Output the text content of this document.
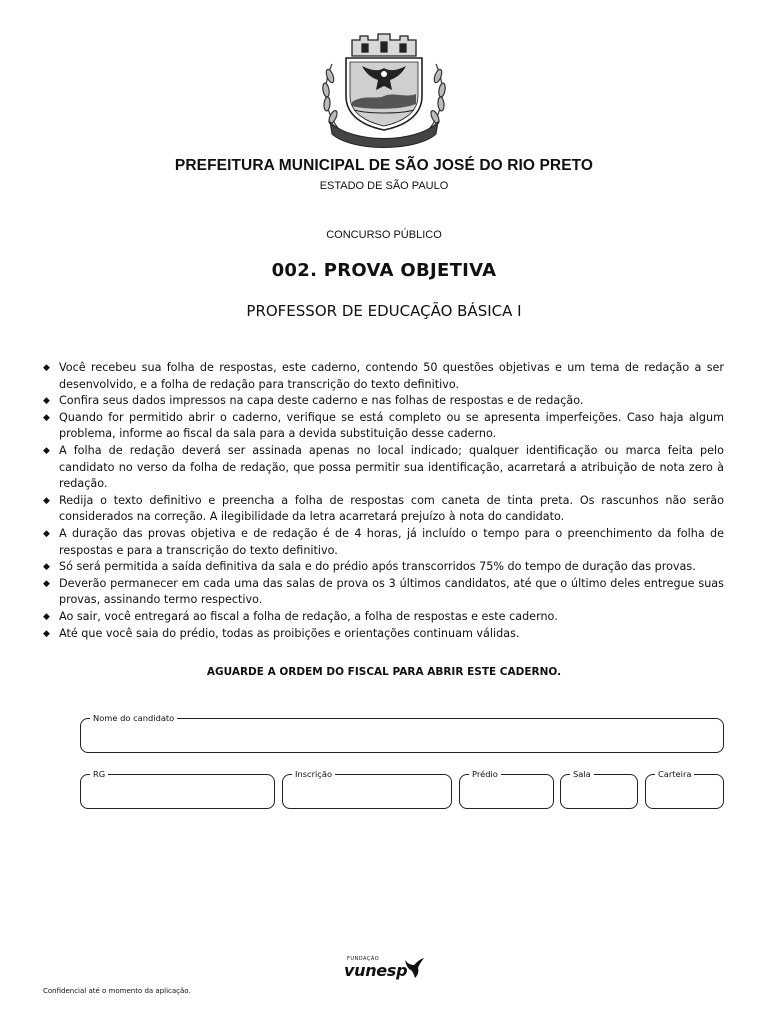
PREFEITURA MUNICIPAL DE SÃO JOSÉ DO RIO PRETO
ESTADO DE SÃO PAULO
CONCURSO PÚBLICO
002. PROVA OBJETIVA
PROFESSOR DE EDUCAÇÃO BÁSICA I
◆ Você recebeu sua folha de respostas, este caderno, contendo 50 questões objetivas e um tema de redação a ser desenvolvido, e a folha de redação para transcrição do texto definitivo.
◆ Confira seus dados impressos na capa deste caderno e nas folhas de respostas e de redação.
◆ Quando for permitido abrir o caderno, verifique se está completo ou se apresenta imperfeições. Caso haja algum problema, informe ao fiscal da sala para a devida substituição desse caderno.
◆ A folha de redação deverá ser assinada apenas no local indicado; qualquer identificação ou marca feita pelo candidato no verso da folha de redação, que possa permitir sua identificação, acarretará a atribuição de nota zero à redação.
◆ Redija o texto definitivo e preencha a folha de respostas com caneta de tinta preta. Os rascunhos não serão considerados na correção. A ilegibilidade da letra acarretará prejuízo à nota do candidato.
◆ A duração das provas objetiva e de redação é de 4 horas, já incluído o tempo para o preenchimento da folha de respostas e para a transcrição do texto definitivo.
◆ Só será permitida a saída definitiva da sala e do prédio após transcorridos 75% do tempo de duração das provas.
◆ Deverão permanecer em cada uma das salas de prova os 3 últimos candidatos, até que o último deles entregue suas provas, assinando termo respectivo.
◆ Ao sair, você entregará ao fiscal a folha de redação, a folha de respostas e este caderno.
◆ Até que você saia do prédio, todas as proibições e orientações continuam válidas.
AGUARDE A ORDEM DO FISCAL PARA ABRIR ESTE CADERNO.
Nome do candidato
RG	Inscrição	Prédio	Sala	Carteira
FUNDAÇÃO
vunesp
Confidencial até o momento da aplicação.
